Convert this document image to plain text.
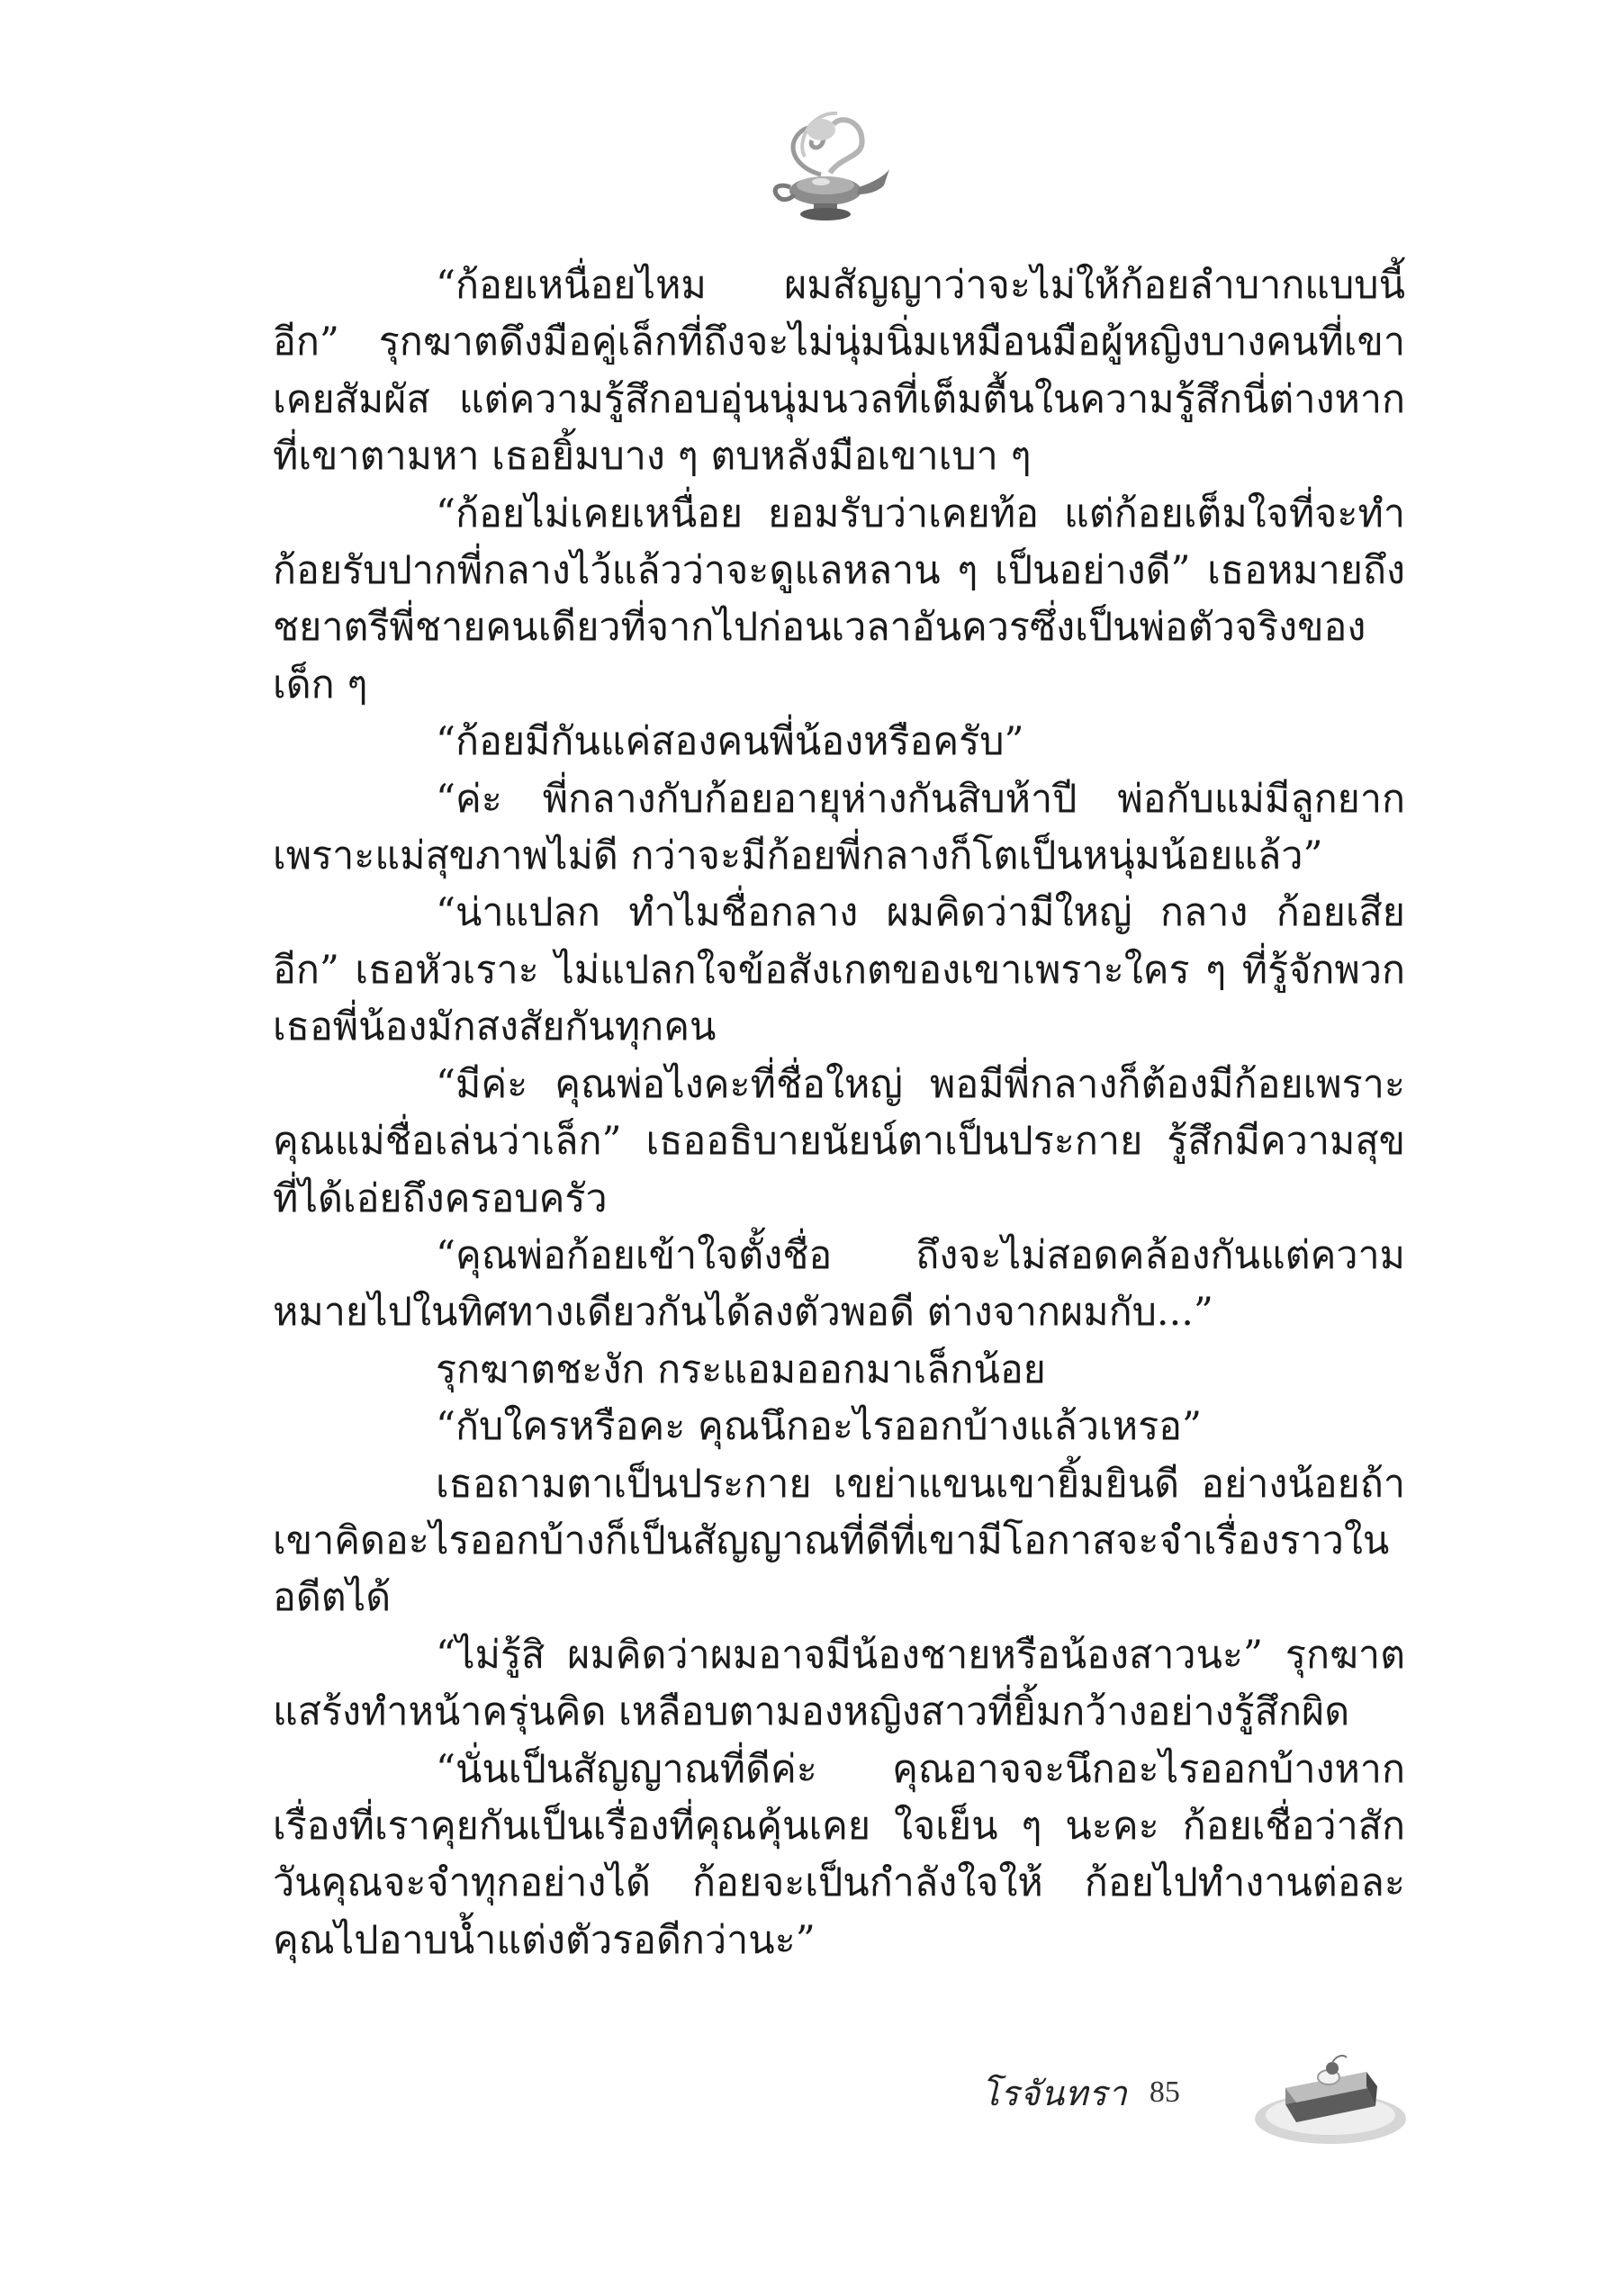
“ก้อยเหนื่อยไหม ผมสัญญาว่าจะไม่ให้ก้อยลำบากแบบนี้อีก” รุกฆาตดึงมือคู่เล็กที่ถึงจะไม่นุ่มนิ่มเหมือนมือผู้หญิงบางคนที่เขาเคยสัมผัส แต่ความรู้สึกอบอุ่นนุ่มนวลที่เต็มตื้นในความรู้สึกนี่ต่างหากที่เขาตามหา เธอยิ้มบาง ๆ ตบหลังมือเขาเบา ๆ

“ก้อยไม่เคยเหนื่อย ยอมรับว่าเคยท้อ แต่ก้อยเต็มใจที่จะทำ ก้อยรับปากพี่กลางไว้แล้วว่าจะดูแลหลาน ๆ เป็นอย่างดี” เธอหมายถึงชยาตรีพี่ชายคนเดียวที่จากไปก่อนเวลาอันควรซึ่งเป็นพ่อตัวจริงของเด็ก ๆ

“ก้อยมีกันแค่สองคนพี่น้องหรือครับ”

“ค่ะ พี่กลางกับก้อยอายุห่างกันสิบห้าปี พ่อกับแม่มีลูกยากเพราะแม่สุขภาพไม่ดี กว่าจะมีก้อยพี่กลางก็โตเป็นหนุ่มน้อยแล้ว”

“น่าแปลก ทำไมชื่อกลาง ผมคิดว่ามีใหญ่ กลาง ก้อยเสียอีก” เธอหัวเราะ ไม่แปลกใจข้อสังเกตของเขาเพราะใคร ๆ ที่รู้จักพวกเธอพี่น้องมักสงสัยกันทุกคน

“มีค่ะ คุณพ่อไงคะที่ชื่อใหญ่ พอมีพี่กลางก็ต้องมีก้อยเพราะคุณแม่ชื่อเล่นว่าเล็ก” เธออธิบายนัยน์ตาเป็นประกาย รู้สึกมีความสุขที่ได้เอ่ยถึงครอบครัว

“คุณพ่อก้อยเข้าใจตั้งชื่อ ถึงจะไม่สอดคล้องกันแต่ความหมายไปในทิศทางเดียวกันได้ลงตัวพอดี ต่างจากผมกับ...”

รุกฆาตชะงัก กระแอมออกมาเล็กน้อย

“กับใครหรือคะ คุณนึกอะไรออกบ้างแล้วเหรอ”

เธอถามตาเป็นประกาย เขย่าแขนเขายิ้มยินดี อย่างน้อยถ้าเขาคิดอะไรออกบ้างก็เป็นสัญญาณที่ดีที่เขามีโอกาสจะจำเรื่องราวในอดีตได้

“ไม่รู้สิ ผมคิดว่าผมอาจมีน้องชายหรือน้องสาวนะ” รุกฆาตแสร้งทำหน้าครุ่นคิด เหลือบตามองหญิงสาวที่ยิ้มกว้างอย่างรู้สึกผิด

“นั่นเป็นสัญญาณที่ดีค่ะ คุณอาจจะนึกอะไรออกบ้างหากเรื่องที่เราคุยกันเป็นเรื่องที่คุณคุ้นเคย ใจเย็น ๆ นะคะ ก้อยเชื่อว่าสักวันคุณจะจำทุกอย่างได้ ก้อยจะเป็นกำลังใจให้ ก้อยไปทำงานต่อละ คุณไปอาบน้ำแต่งตัวรอดีกว่านะ”

โรจันทรา 85
